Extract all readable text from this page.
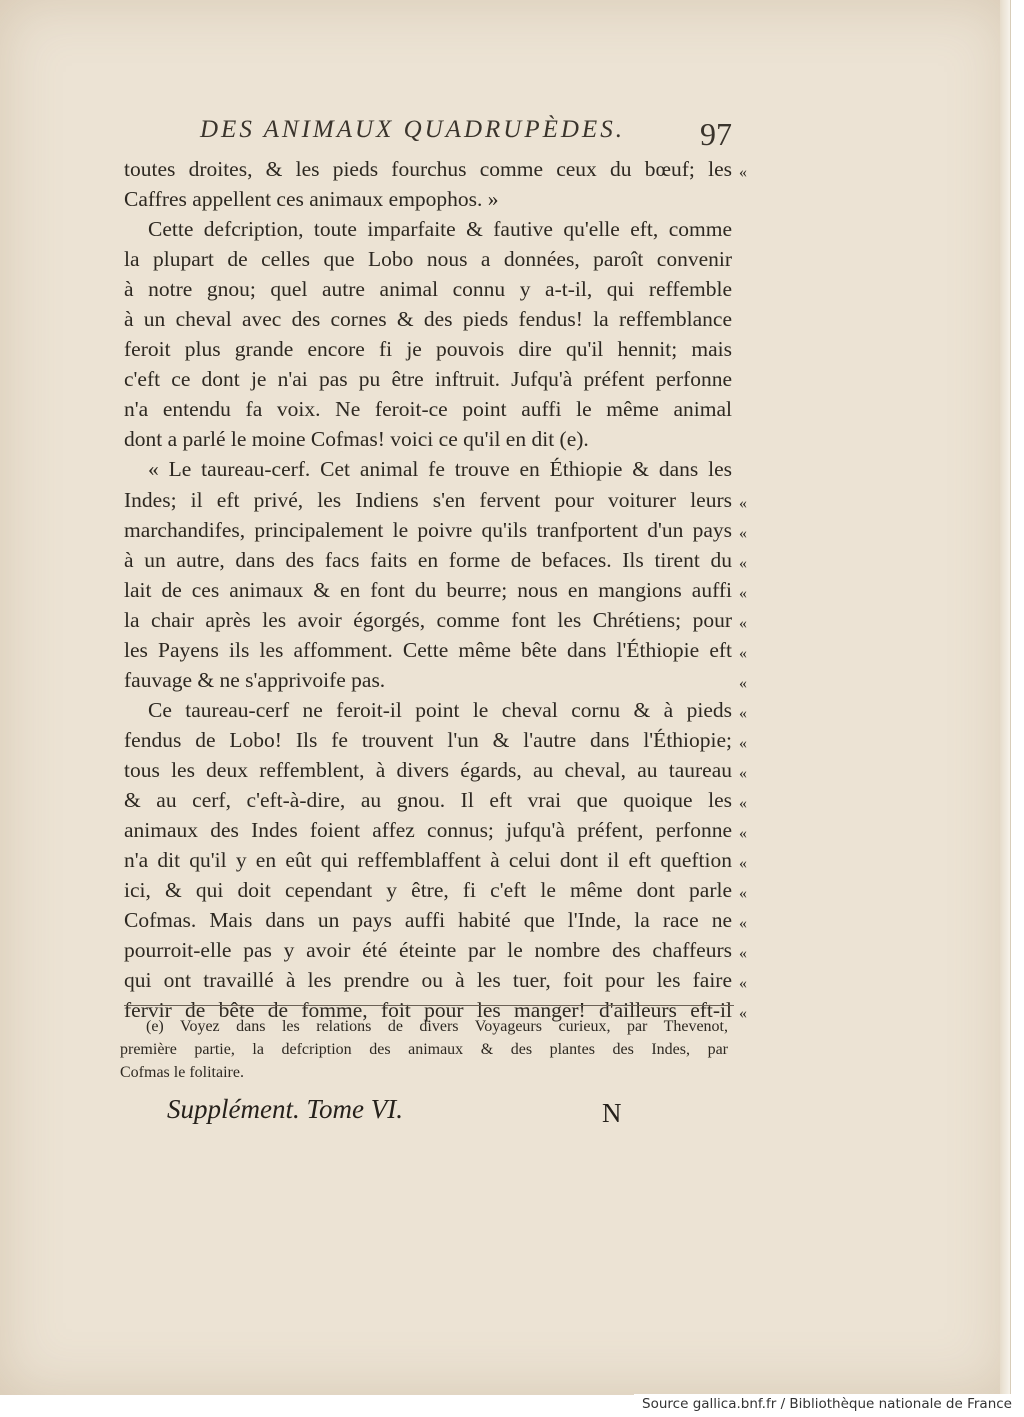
DES ANIMAUX QUADRUPÈDES.	97
toutes droites, & les pieds fourchus comme ceux du bœuf; les
Caffres appellent ces animaux empophos. »
Cette defcription, toute imparfaite & fautive qu'elle eft, comme
la plupart de celles que Lobo nous a données, paroît convenir
à notre gnou; quel autre animal connu y a-t-il, qui reffemble
à un cheval avec des cornes & des pieds fendus! la reffemblance
feroit plus grande encore fi je pouvois dire qu'il hennit; mais
c'eft ce dont je n'ai pas pu être inftruit. Jufqu'à préfent perfonne
n'a entendu fa voix. Ne feroit-ce point auffi le même animal
dont a parlé le moine Cofmas! voici ce qu'il en dit (e).
« Le taureau-cerf. Cet animal fe trouve en Éthiopie & dans les
Indes; il eft privé, les Indiens s'en fervent pour voiturer leurs
marchandifes, principalement le poivre qu'ils tranfportent d'un pays
à un autre, dans des facs faits en forme de befaces. Ils tirent du
lait de ces animaux & en font du beurre; nous en mangions auffi
la chair après les avoir égorgés, comme font les Chrétiens; pour
les Payens ils les affomment. Cette même bête dans l'Éthiopie eft
fauvage & ne s'apprivoife pas.
Ce taureau-cerf ne feroit-il point le cheval cornu & à pieds
fendus de Lobo! Ils fe trouvent l'un & l'autre dans l'Éthiopie;
tous les deux reffemblent, à divers égards, au cheval, au taureau
& au cerf, c'eft-à-dire, au gnou. Il eft vrai que quoique les
animaux des Indes foient affez connus; jufqu'à préfent, perfonne
n'a dit qu'il y en eût qui reffemblaffent à celui dont il eft queftion
ici, & qui doit cependant y être, fi c'eft le même dont parle
Cofmas. Mais dans un pays auffi habité que l'Inde, la race ne
pourroit-elle pas y avoir été éteinte par le nombre des chaffeurs
qui ont travaillé à les prendre ou à les tuer, foit pour les faire
fervir de bête de fomme, foit pour les manger! d'ailleurs eft-il
«
«
«
«
«
«
«
«
«
«
«
«
«
«
«
«
«
«
«
(e) Voyez dans les relations de divers Voyageurs curieux, par Thevenot,
première partie, la defcription des animaux & des plantes des Indes, par
Cofmas le folitaire.
Supplément. Tome VI.	N
Source gallica.bnf.fr / Bibliothèque nationale de France
